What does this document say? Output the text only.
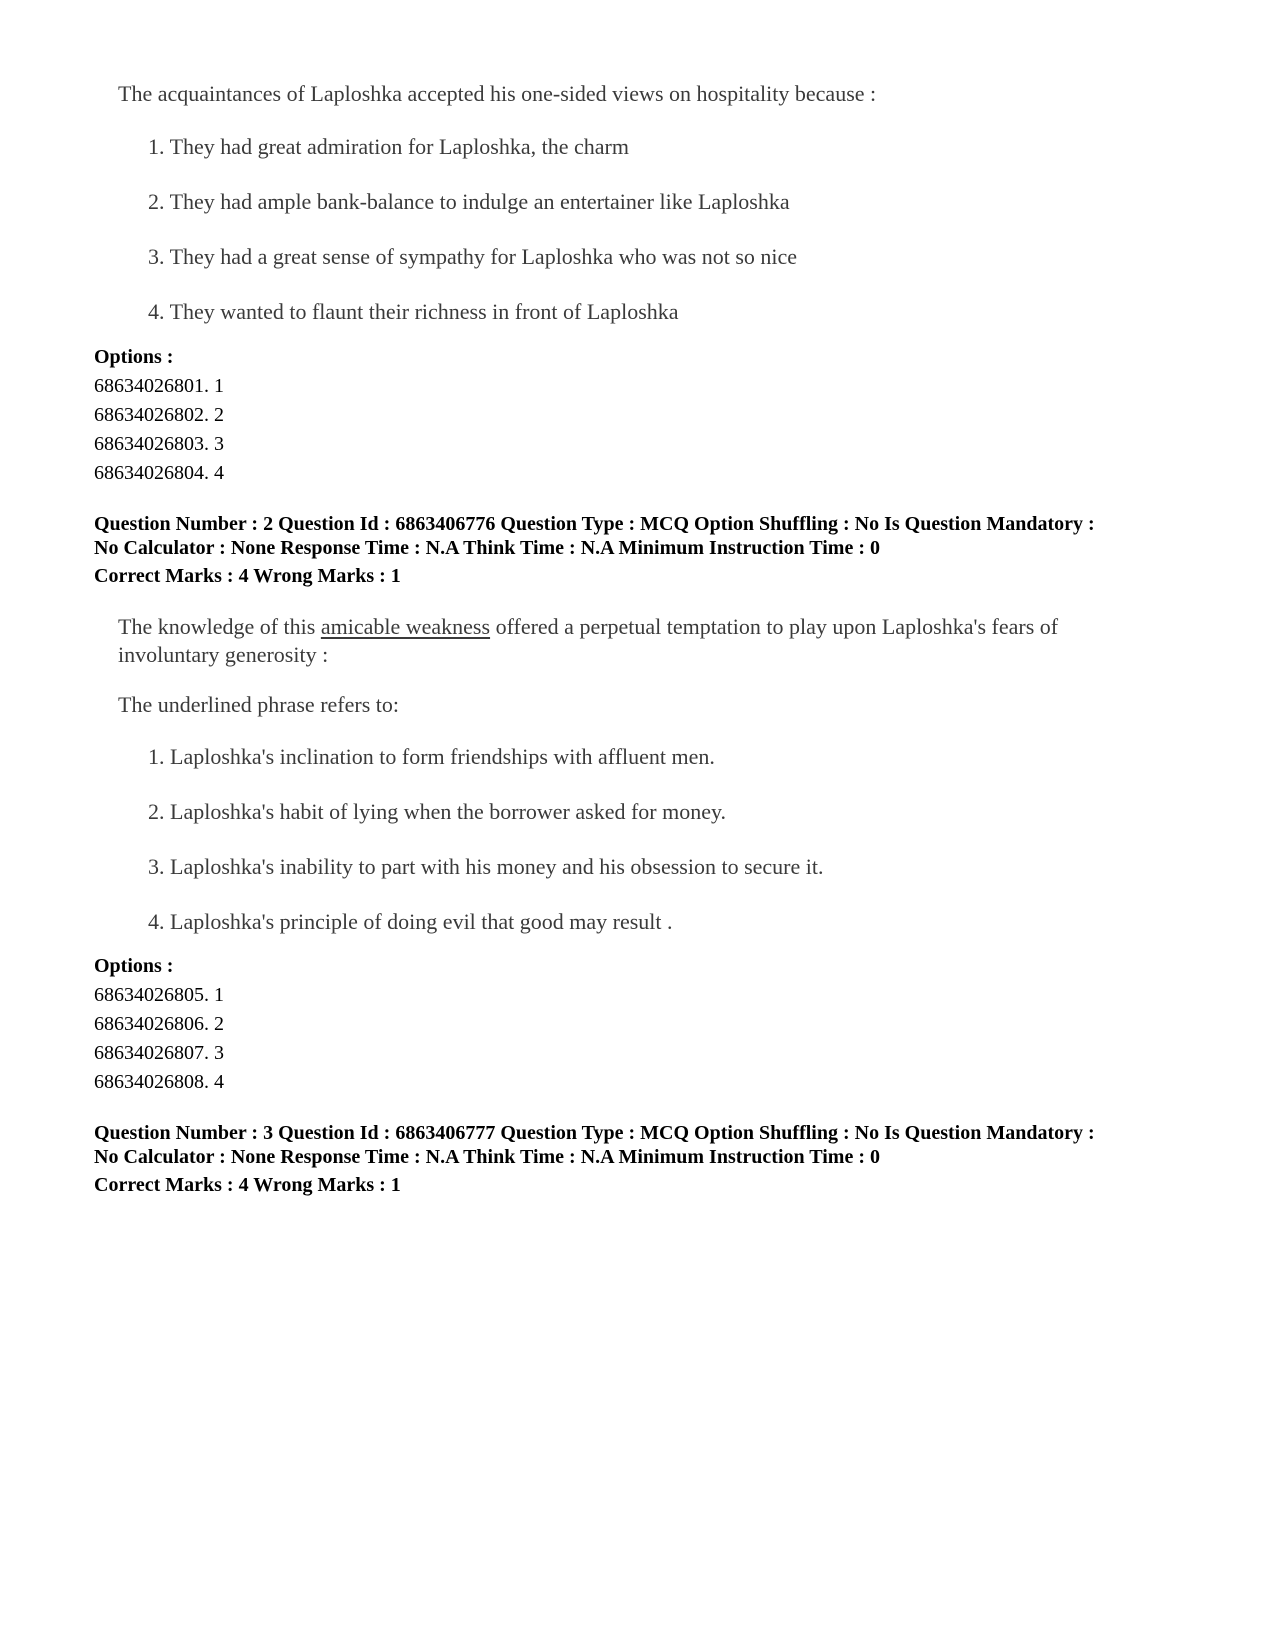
The acquaintances of Laploshka accepted his one-sided views on hospitality because :

1. They had great admiration for Laploshka, the charm
2. They had ample bank-balance to indulge an entertainer like Laploshka
3. They had a great sense of sympathy for Laploshka who was not so nice
4. They wanted to flaunt their richness in front of Laploshka
Options :
68634026801. 1
68634026802. 2
68634026803. 3
68634026804. 4
Question Number : 2 Question Id : 6863406776 Question Type : MCQ Option Shuffling : No Is Question Mandatory :
No Calculator : None Response Time : N.A Think Time : N.A Minimum Instruction Time : 0
Correct Marks : 4 Wrong Marks : 1

The knowledge of this amicable weakness offered a perpetual temptation to play upon Laploshka's fears of involuntary generosity :

The underlined phrase refers to:

1. Laploshka's inclination to form friendships with affluent men.
2. Laploshka's habit of lying when the borrower asked for money.
3. Laploshka's inability to part with his money and his obsession to secure it.
4. Laploshka's principle of doing evil that good may result .
Options :
68634026805. 1
68634026806. 2
68634026807. 3
68634026808. 4
Question Number : 3 Question Id : 6863406777 Question Type : MCQ Option Shuffling : No Is Question Mandatory :
No Calculator : None Response Time : N.A Think Time : N.A Minimum Instruction Time : 0
Correct Marks : 4 Wrong Marks : 1
